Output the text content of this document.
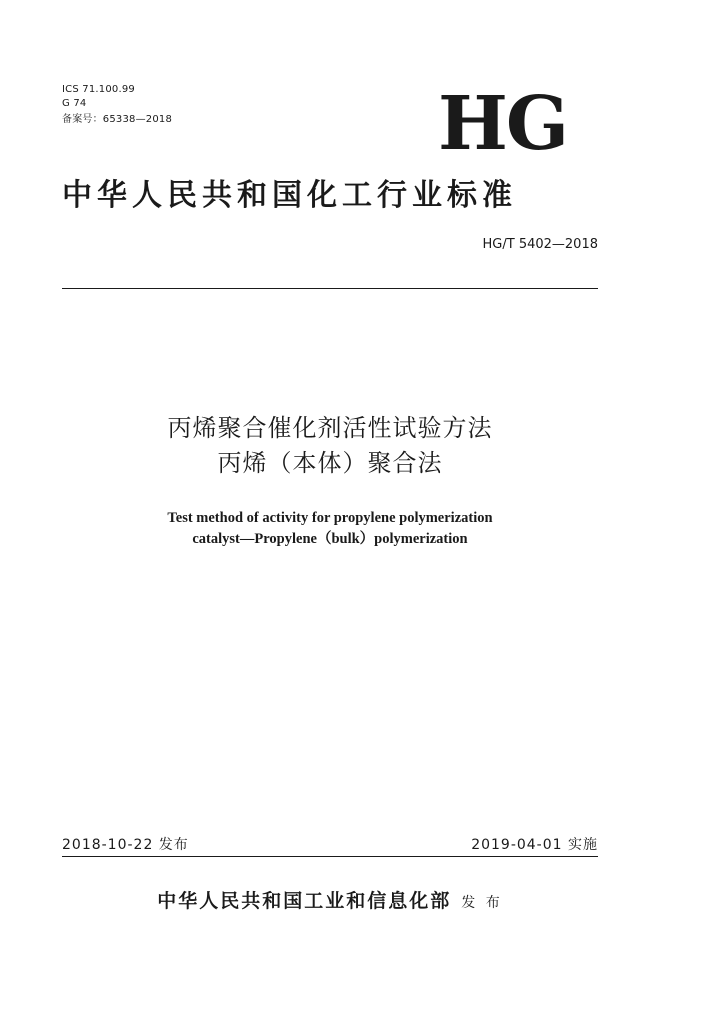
ICS 71.100.99
G 74
备案号：65338—2018	HG
中华人民共和国化工行业标准
HG/T 5402—2018
丙烯聚合催化剂活性试验方法
丙烯（本体）聚合法
Test method of activity for propylene polymerization
catalyst—Propylene（bulk）polymerization
2018-10-22 发布	2019-04-01 实施
中华人民共和国工业和信息化部 发 布
